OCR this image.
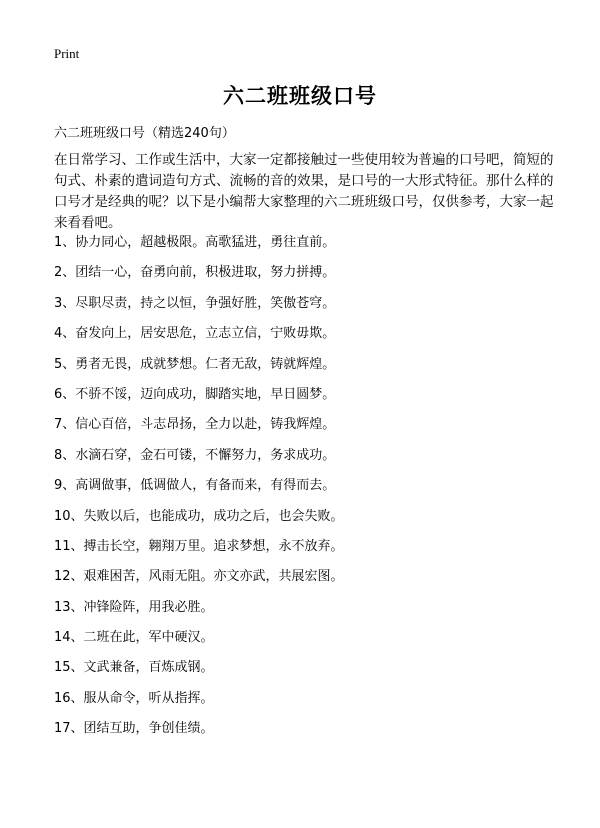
Print
六二班班级口号
六二班班级口号（精选240句）
在日常学习、工作或生活中，大家一定都接触过一些使用较为普遍的口号吧，简短的句式、朴素的遣词造句方式、流畅的音的效果，是口号的一大形式特征。那什么样的口号才是经典的呢？以下是小编帮大家整理的六二班班级口号，仅供参考，大家一起来看看吧。
1、协力同心，超越极限。高歌猛进，勇往直前。
2、团结一心，奋勇向前，积极进取，努力拼搏。
3、尽职尽责，持之以恒，争强好胜，笑傲苍穹。
4、奋发向上，居安思危，立志立信，宁败毋欺。
5、勇者无畏，成就梦想。仁者无敌，铸就辉煌。
6、不骄不馁，迈向成功，脚踏实地，早日圆梦。
7、信心百倍，斗志昂扬，全力以赴，铸我辉煌。
8、水滴石穿，金石可镂，不懈努力，务求成功。
9、高调做事，低调做人，有备而来，有得而去。
10、失败以后，也能成功，成功之后，也会失败。
11、搏击长空，翱翔万里。追求梦想，永不放弃。
12、艰难困苦，风雨无阻。亦文亦武，共展宏图。
13、冲锋险阵，用我必胜。
14、二班在此，军中硬汉。
15、文武兼备，百炼成钢。
16、服从命令，听从指挥。
17、团结互助，争创佳绩。
